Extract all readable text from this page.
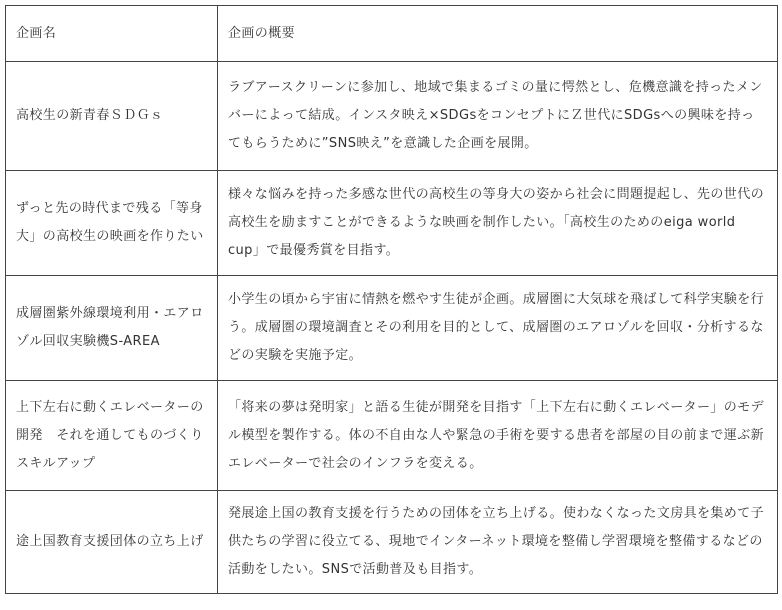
企画名	企画の概要
高校生の新青春ＳＤＧｓ	ラブアースクリーンに参加し、地域で集まるゴミの量に愕然とし、危機意識を持ったメンバーによって結成。インスタ映え×SDGsをコンセプトにＺ世代にSDGsへの興味を持ってもらうために”SNS映え”を意識した企画を展開。
ずっと先の時代まで残る「等身大」の高校生の映画を作りたい	様々な悩みを持った多感な世代の高校生の等身大の姿から社会に問題提起し、先の世代の高校生を励ますことができるような映画を制作したい。「高校生のためのeiga world cup」で最優秀賞を目指す。
成層圏紫外線環境利用・エアロゾル回収実験機S-AREA	小学生の頃から宇宙に情熱を燃やす生徒が企画。成層圏に大気球を飛ばして科学実験を行う。成層圏の環境調査とその利用を目的として、成層圏のエアロゾルを回収・分析するなどの実験を実施予定。
上下左右に動くエレベーターの開発　それを通してものづくりスキルアップ	「将来の夢は発明家」と語る生徒が開発を目指す「上下左右に動くエレベーター」のモデル模型を製作する。体の不自由な人や緊急の手術を要する患者を部屋の目の前まで運ぶ新エレベーターで社会のインフラを変える。
途上国教育支援団体の立ち上げ	発展途上国の教育支援を行うための団体を立ち上げる。使わなくなった文房具を集めて子供たちの学習に役立てる、現地でインターネット環境を整備し学習環境を整備するなどの活動をしたい。SNSで活動普及も目指す。
